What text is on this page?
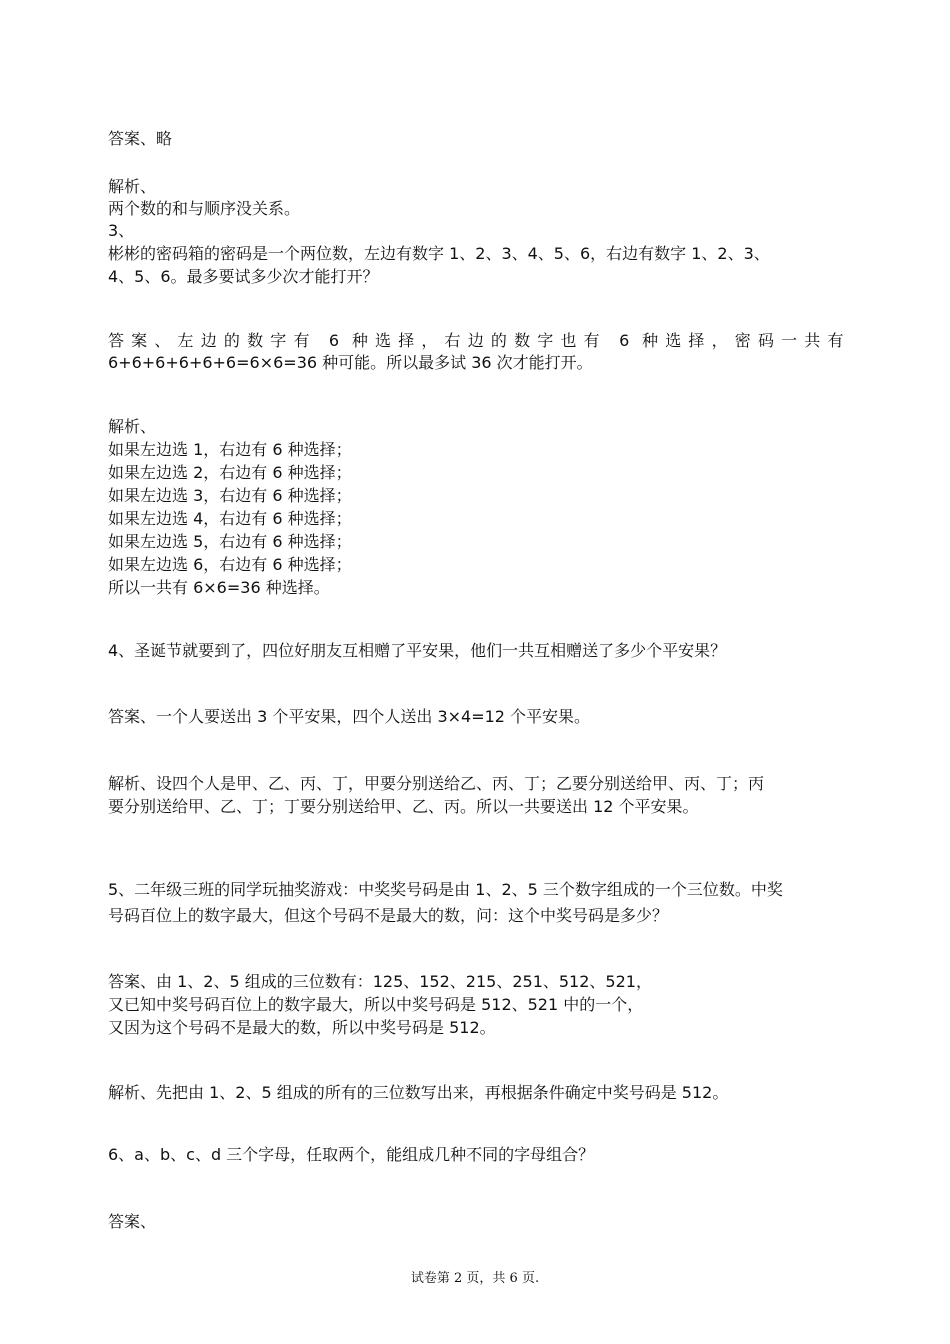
答案、略
解析、
两个数的和与顺序没关系。
3、
彬彬的密码箱的密码是一个两位数，左边有数字 1、2、3、4、5、6，右边有数字 1、2、3、
4、5、6。最多要试多少次才能打开？
答案、左边的数字有 6 种选择，右边的数字也有 6 种选择，密码一共有
6+6+6+6+6+6=6×6=36 种可能。所以最多试 36 次才能打开。
解析、
如果左边选 1，右边有 6 种选择；
如果左边选 2，右边有 6 种选择；
如果左边选 3，右边有 6 种选择；
如果左边选 4，右边有 6 种选择；
如果左边选 5，右边有 6 种选择；
如果左边选 6，右边有 6 种选择；
所以一共有 6×6=36 种选择。
4、圣诞节就要到了，四位好朋友互相赠了平安果，他们一共互相赠送了多少个平安果？
答案、一个人要送出 3 个平安果，四个人送出 3×4=12 个平安果。
解析、设四个人是甲、乙、丙、丁，甲要分别送给乙、丙、丁；乙要分别送给甲、丙、丁；丙
要分别送给甲、乙、丁；丁要分别送给甲、乙、丙。所以一共要送出 12 个平安果。
5、二年级三班的同学玩抽奖游戏：中奖奖号码是由 1、2、5 三个数字组成的一个三位数。中奖
号码百位上的数字最大，但这个号码不是最大的数，问：这个中奖号码是多少？
答案、由 1、2、5 组成的三位数有：125、152、215、251、512、521，
又已知中奖号码百位上的数字最大，所以中奖号码是 512、521 中的一个，
又因为这个号码不是最大的数，所以中奖号码是 512。
解析、先把由 1、2、5 组成的所有的三位数写出来，再根据条件确定中奖号码是 512。
6、a、b、c、d 三个字母，任取两个，能组成几种不同的字母组合？
答案、
试卷第 2 页，共 6 页.
